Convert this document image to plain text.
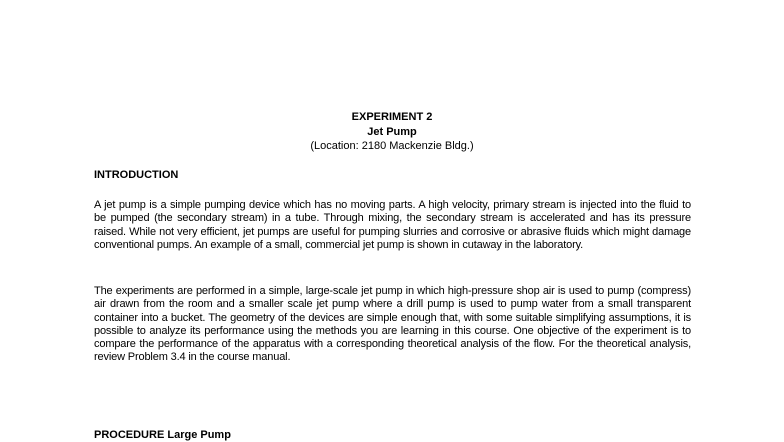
EXPERIMENT 2
Jet Pump
(Location: 2180 Mackenzie Bldg.)
INTRODUCTION

A jet pump is a simple pumping device which has no moving parts. A high velocity, primary stream is injected into the fluid to be pumped (the secondary stream) in a tube. Through mixing, the secondary stream is accelerated and has its pressure raised. While not very efficient, jet pumps are useful for pumping slurries and corrosive or abrasive fluids which might damage conventional pumps. An example of a small, commercial jet pump is shown in cutaway in the laboratory.

The experiments are performed in a simple, large-scale jet pump in which high-pressure shop air is used to pump (compress) air drawn from the room and a smaller scale jet pump where a drill pump is used to pump water from a small transparent container into a bucket. The geometry of the devices are simple enough that, with some suitable simplifying assumptions, it is possible to analyze its performance using the methods you are learning in this course. One objective of the experiment is to compare the performance of the apparatus with a corresponding theoretical analysis of the flow. For the theoretical analysis, review Problem 3.4 in the course manual.

PROCEDURE Large Pump
